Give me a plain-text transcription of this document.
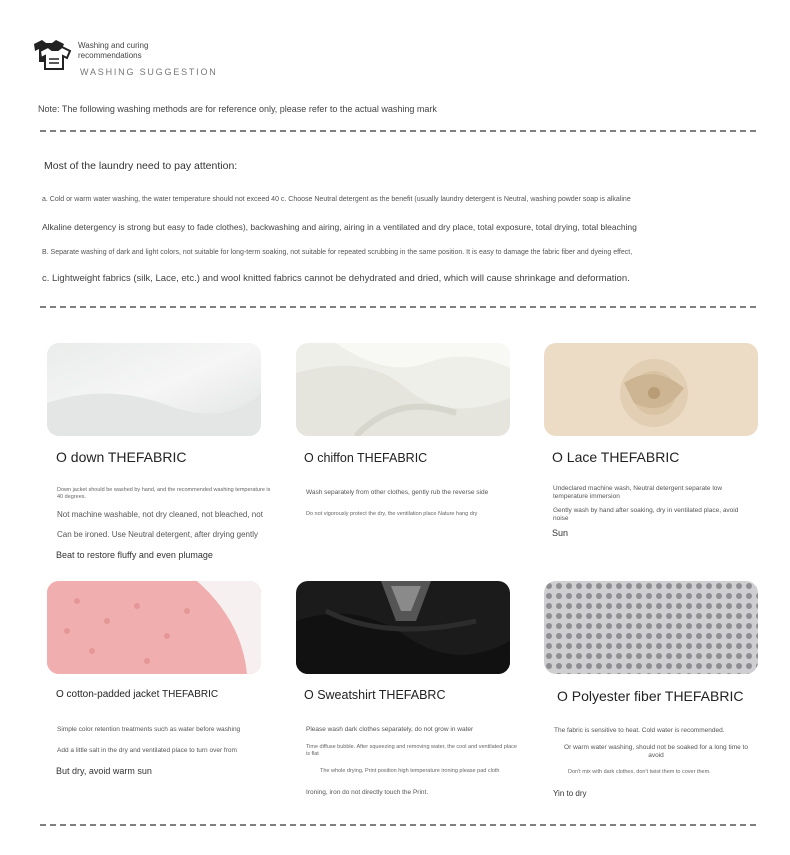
Washing and curing
recommendations
WASHING SUGGESTION
Note: The following washing methods are for reference only, please refer to the actual washing mark
Most of the laundry need to pay attention:
a. Cold or warm water washing, the water temperature should not exceed 40 c. Choose Neutral detergent as the benefit (usually laundry detergent is Neutral, washing powder soap is alkaline
Alkaline detergency is strong but easy to fade clothes), backwashing and airing, airing in a ventilated and dry place, total exposure, total drying, total bleaching
B. Separate washing of dark and light colors, not suitable for long-term soaking, not suitable for repeated scrubbing in the same position. It is easy to damage the fabric fiber and dyeing effect,
c. Lightweight fabrics (silk, Lace, etc.) and wool knitted fabrics cannot be dehydrated and dried, which will cause shrinkage and deformation.
O down THEFABRIC
Down jacket should be washed by hand, and the recommended washing temperature is 40 degrees.
Not machine washable, not dry cleaned, not bleached, not
Can be ironed. Use Neutral detergent, after drying gently
Beat to restore fluffy and even plumage
O chiffon THEFABRIC
Wash separately from other clothes, gently rub the reverse side
Do not vigorously protect the dry, the ventilation place Nature hang dry
O Lace THEFABRIC
Undeclared machine wash, Neutral detergent separate low temperature immersion
Gently wash by hand after soaking, dry in ventilated place, avoid noise
Sun
O cotton-padded jacket THEFABRIC
Simple color retention treatments such as water before washing
Add a little salt in the dry and ventilated place to turn over from
But dry, avoid warm sun
O Sweatshirt THEFABRC
Please wash dark clothes separately, do not grow in water
Time diffuse bubble. After squeezing and removing water, the cool and ventilated place is flat
The whole drying, Print position high temperature ironing please pad cloth
Ironing, iron do not directly touch the Print.
O Polyester fiber THEFABRIC
The fabric is sensitive to heat. Cold water is recommended.
Or warm water washing, should not be soaked for a long time to avoid
Don't mix with dark clothes, don't twist them to cover them.
Yin to dry
